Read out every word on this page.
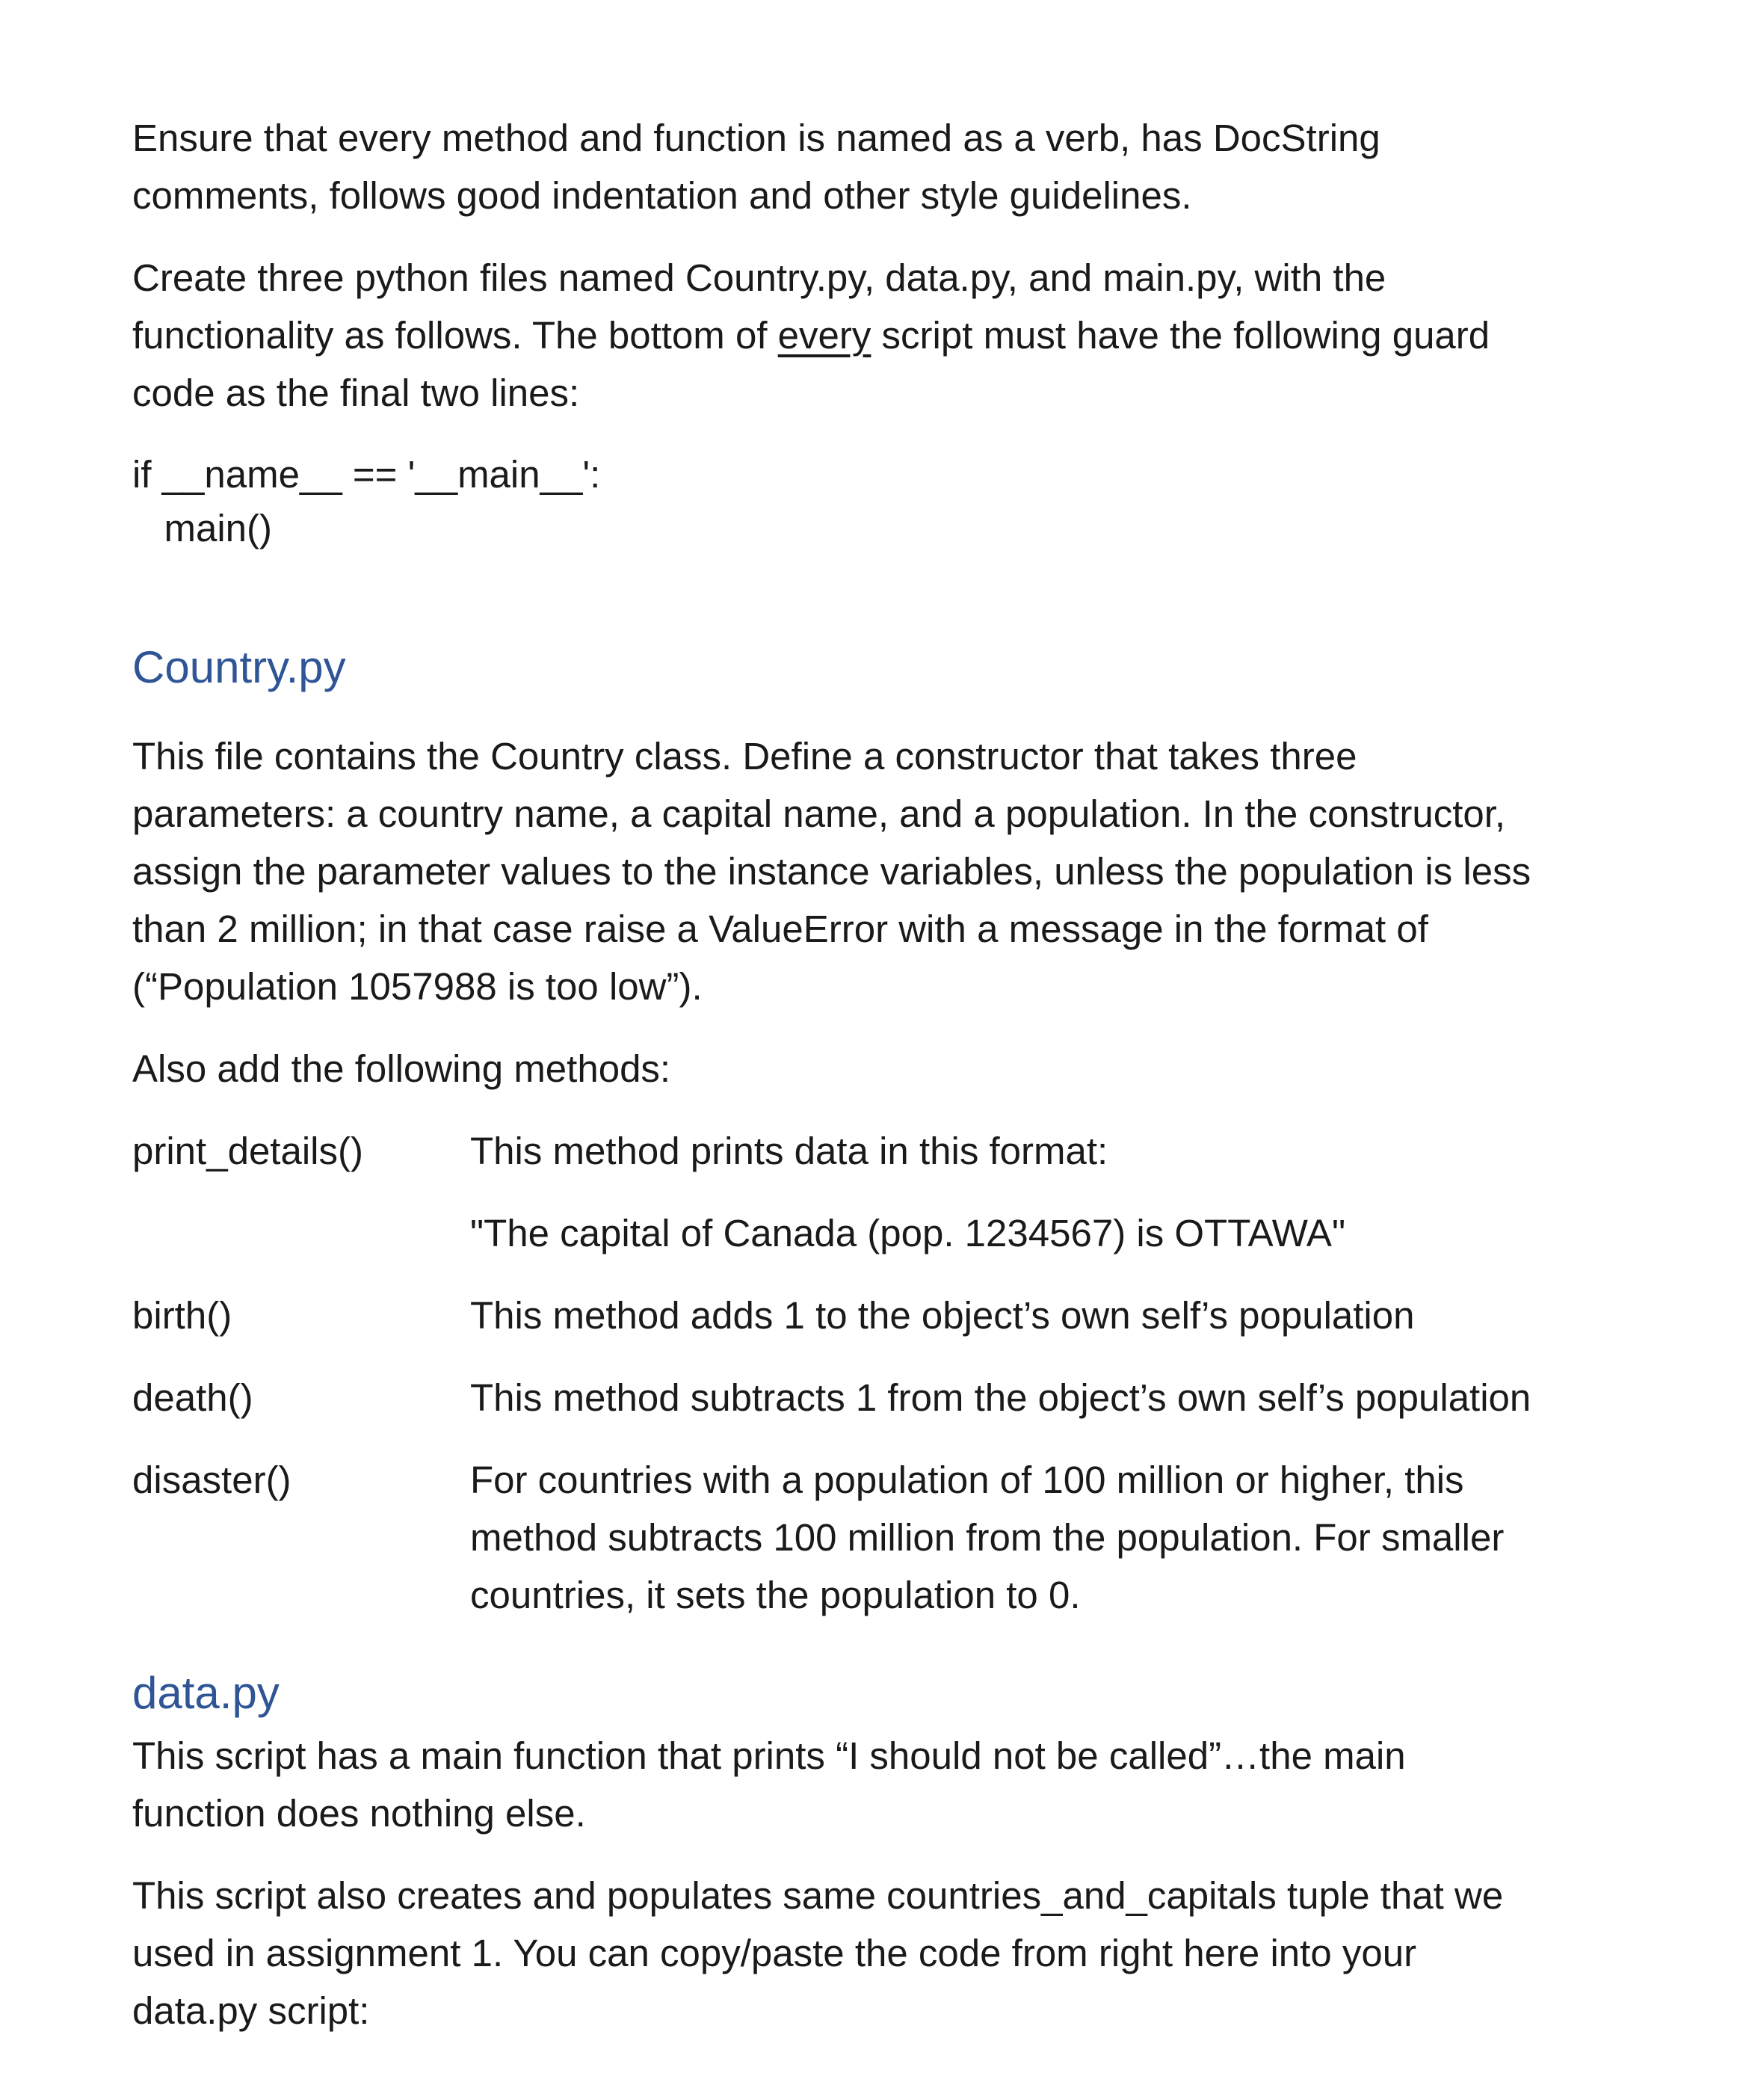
Ensure that every method and function is named as a verb, has DocString

comments, follows good indentation and other style guidelines.

Create three python files named Country.py, data.py, and main.py, with the

functionality as follows. The bottom of every script must have the following guard

code as the final two lines:

if __name__ == '__main__':
main()
Country.py

This file contains the Country class. Define a constructor that takes three

parameters: a country name, a capital name, and a population. In the constructor,

assign the parameter values to the instance variables, unless the population is less

than 2 million; in that case raise a ValueError with a message in the format of

(“Population 1057988 is too low”).

Also add the following methods:

print_details()	This method prints data in this format:
"The capital of Canada (pop. 1234567) is OTTAWA"
birth()	This method adds 1 to the object’s own self’s population
death()	This method subtracts 1 from the object’s own self’s population
disaster()	For countries with a population of 100 million or higher, this
method subtracts 100 million from the population. For smaller
countries, it sets the population to 0.
data.py

This script has a main function that prints “I should not be called”…the main

function does nothing else.

This script also creates and populates same countries_and_capitals tuple that we

used in assignment 1. You can copy/paste the code from right here into your

data.py script:
